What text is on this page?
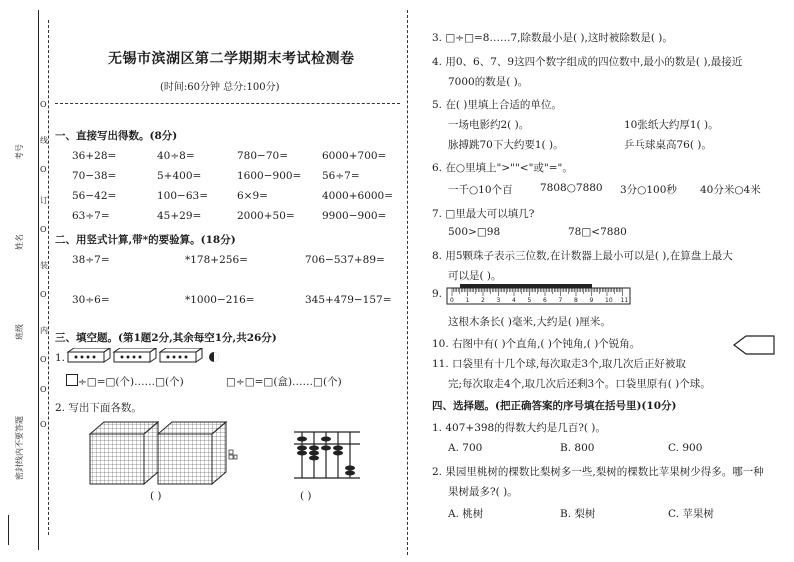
考号
姓名
班级
密封线内不要答题
O
线
O
订
O
装
O
内
O
O
O
无锡市滨湖区第二学期期末考试检测卷
(时间:60分钟 总分:100分)
一、直接写出得数。(8分)
36+28=	40÷8=	780−70=	6000+700=
70−38=	5+400=	1600−900= 56÷7=
56−42=	100−63=	6×9=	4000+6000=
63÷7=	45+29=	2000+50=	9900−900=
二、用竖式计算,带*的要验算。(18分)
38÷7=	*178+256=	706−537+89=
30÷6=	*1000−216=	345+479−157=
三、填空题。(第1题2分,其余每空1分,共26分)
1.
÷□=□(个)……□(个)	□÷□=□(盒)……□(个)
2. 写出下面各数。
( )	( )
3. □÷□=8……7,除数最小是( ),这时被除数是( )。
4. 用0、6、7、9这四个数字组成的四位数中,最小的数是( ),最接近
7000的数是( )。
5. 在( )里填上合适的单位。
一场电影约2( )。	10张纸大约厚1( )。
脉搏跳70下大约要1( )。	乒乓球桌高76( )。
6. 在○里填上">""<"或"="。
一千○10个百	7808○7880 3分○100秒 40分米○4米
7. □里最大可以填几?
500>□98	78□<7880
8. 用5颗珠子表示三位数,在计数器上最小可以是( ),在算盘上最大
可以是( )。
9.
0 1 2 3 4 5 6 7 8 9 10 11
这根木条长( )毫米,大约是( )厘米。
10. 右图中有( )个直角,( )个钝角,( )个锐角。
11. 口袋里有十几个球,每次取走3个,取几次后正好被取
完;每次取走4个,取几次后还剩3个。口袋里原有( )个球。
四、选择题。(把正确答案的序号填在括号里)(10分)
1. 407+398的得数大约是几百?( )。
A. 700	B. 800	C. 900
2. 果园里桃树的棵数比梨树多一些,梨树的棵数比苹果树少得多。哪一种
果树最多?( )。
A. 桃树	B. 梨树	C. 苹果树
